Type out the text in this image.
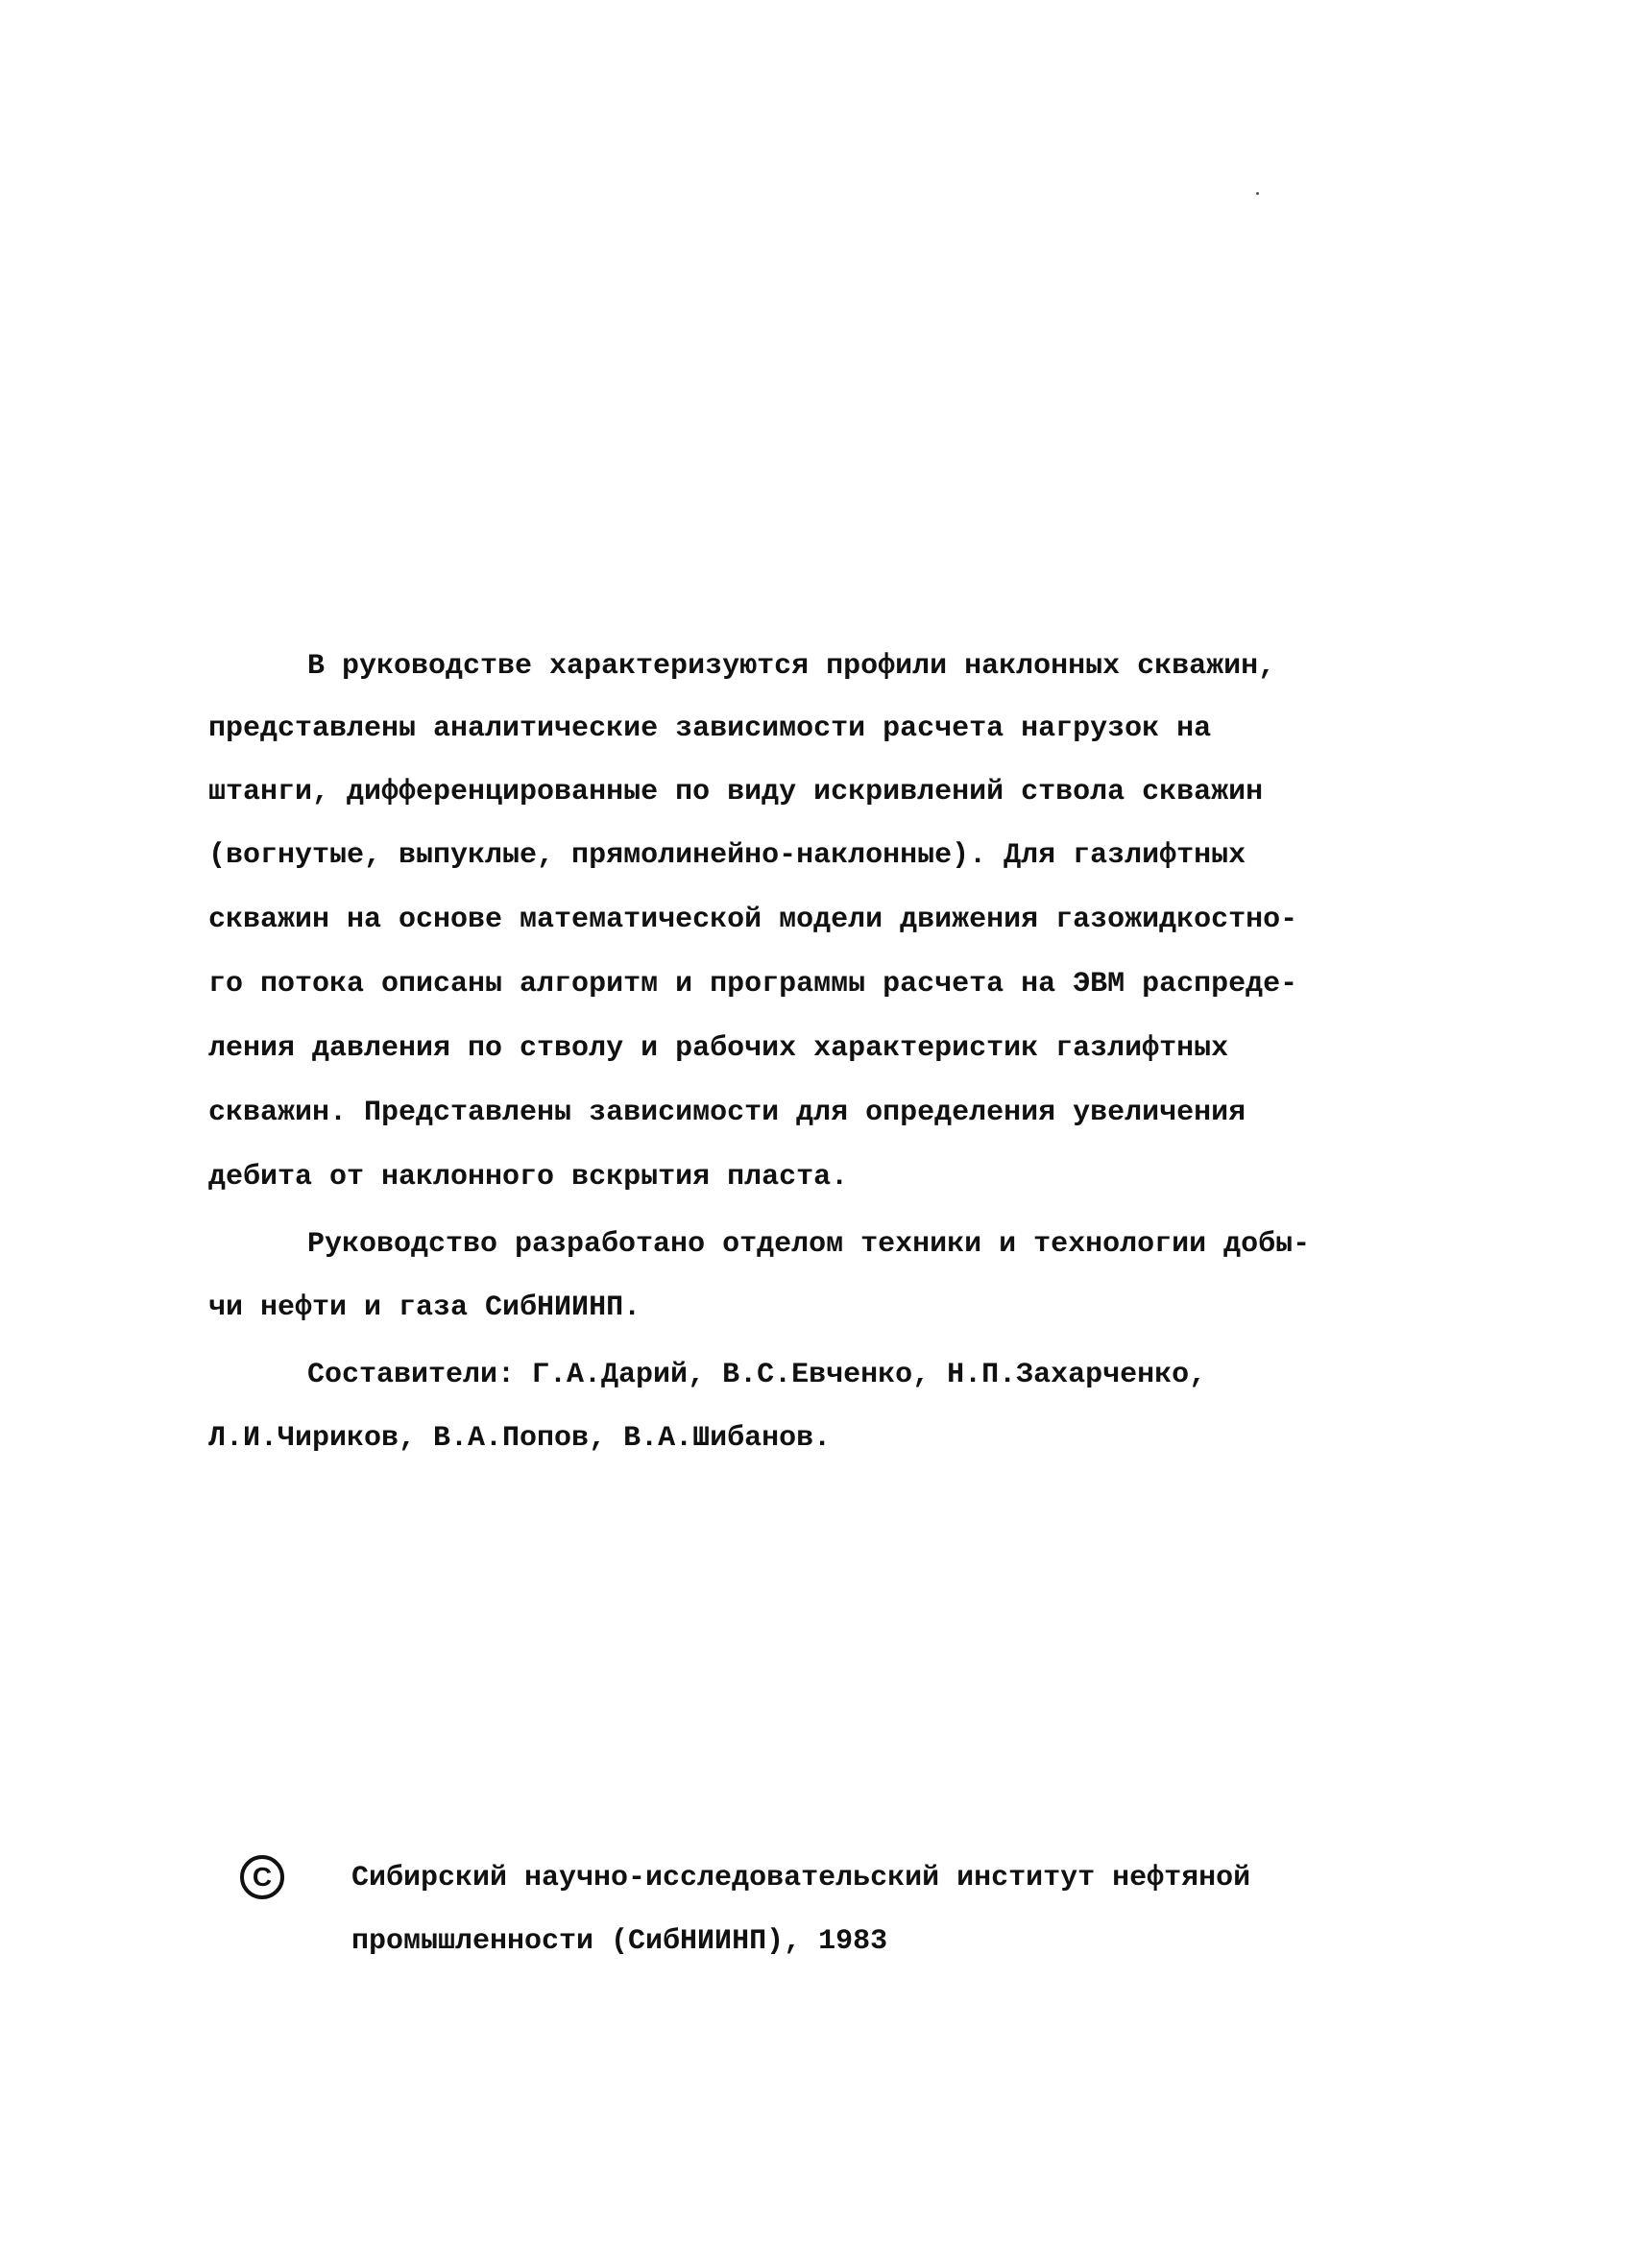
В руководстве характеризуются профили наклонных скважин,
представлены аналитические зависимости расчета нагрузок на
штанги, дифференцированные по виду искривлений ствола скважин
(вогнутые, выпуклые, прямолинейно-наклонные). Для газлифтных
скважин на основе математической модели движения газожидкостно-
го потока описаны алгоритм и программы расчета на ЭВМ распреде-
ления давления по стволу и рабочих характеристик газлифтных
скважин. Представлены зависимости для определения увеличения
дебита от наклонного вскрытия пласта.
Руководство разработано отделом техники и технологии добы-
чи нефти и газа СибНИИНП.
Составители: Г.А.Дарий, В.С.Евченко, Н.П.Захарченко,
Л.И.Чириков, В.А.Попов, В.А.Шибанов.
C	Сибирский научно-исследовательский институт нефтяной
промышленности (СибНИИНП), 1983
